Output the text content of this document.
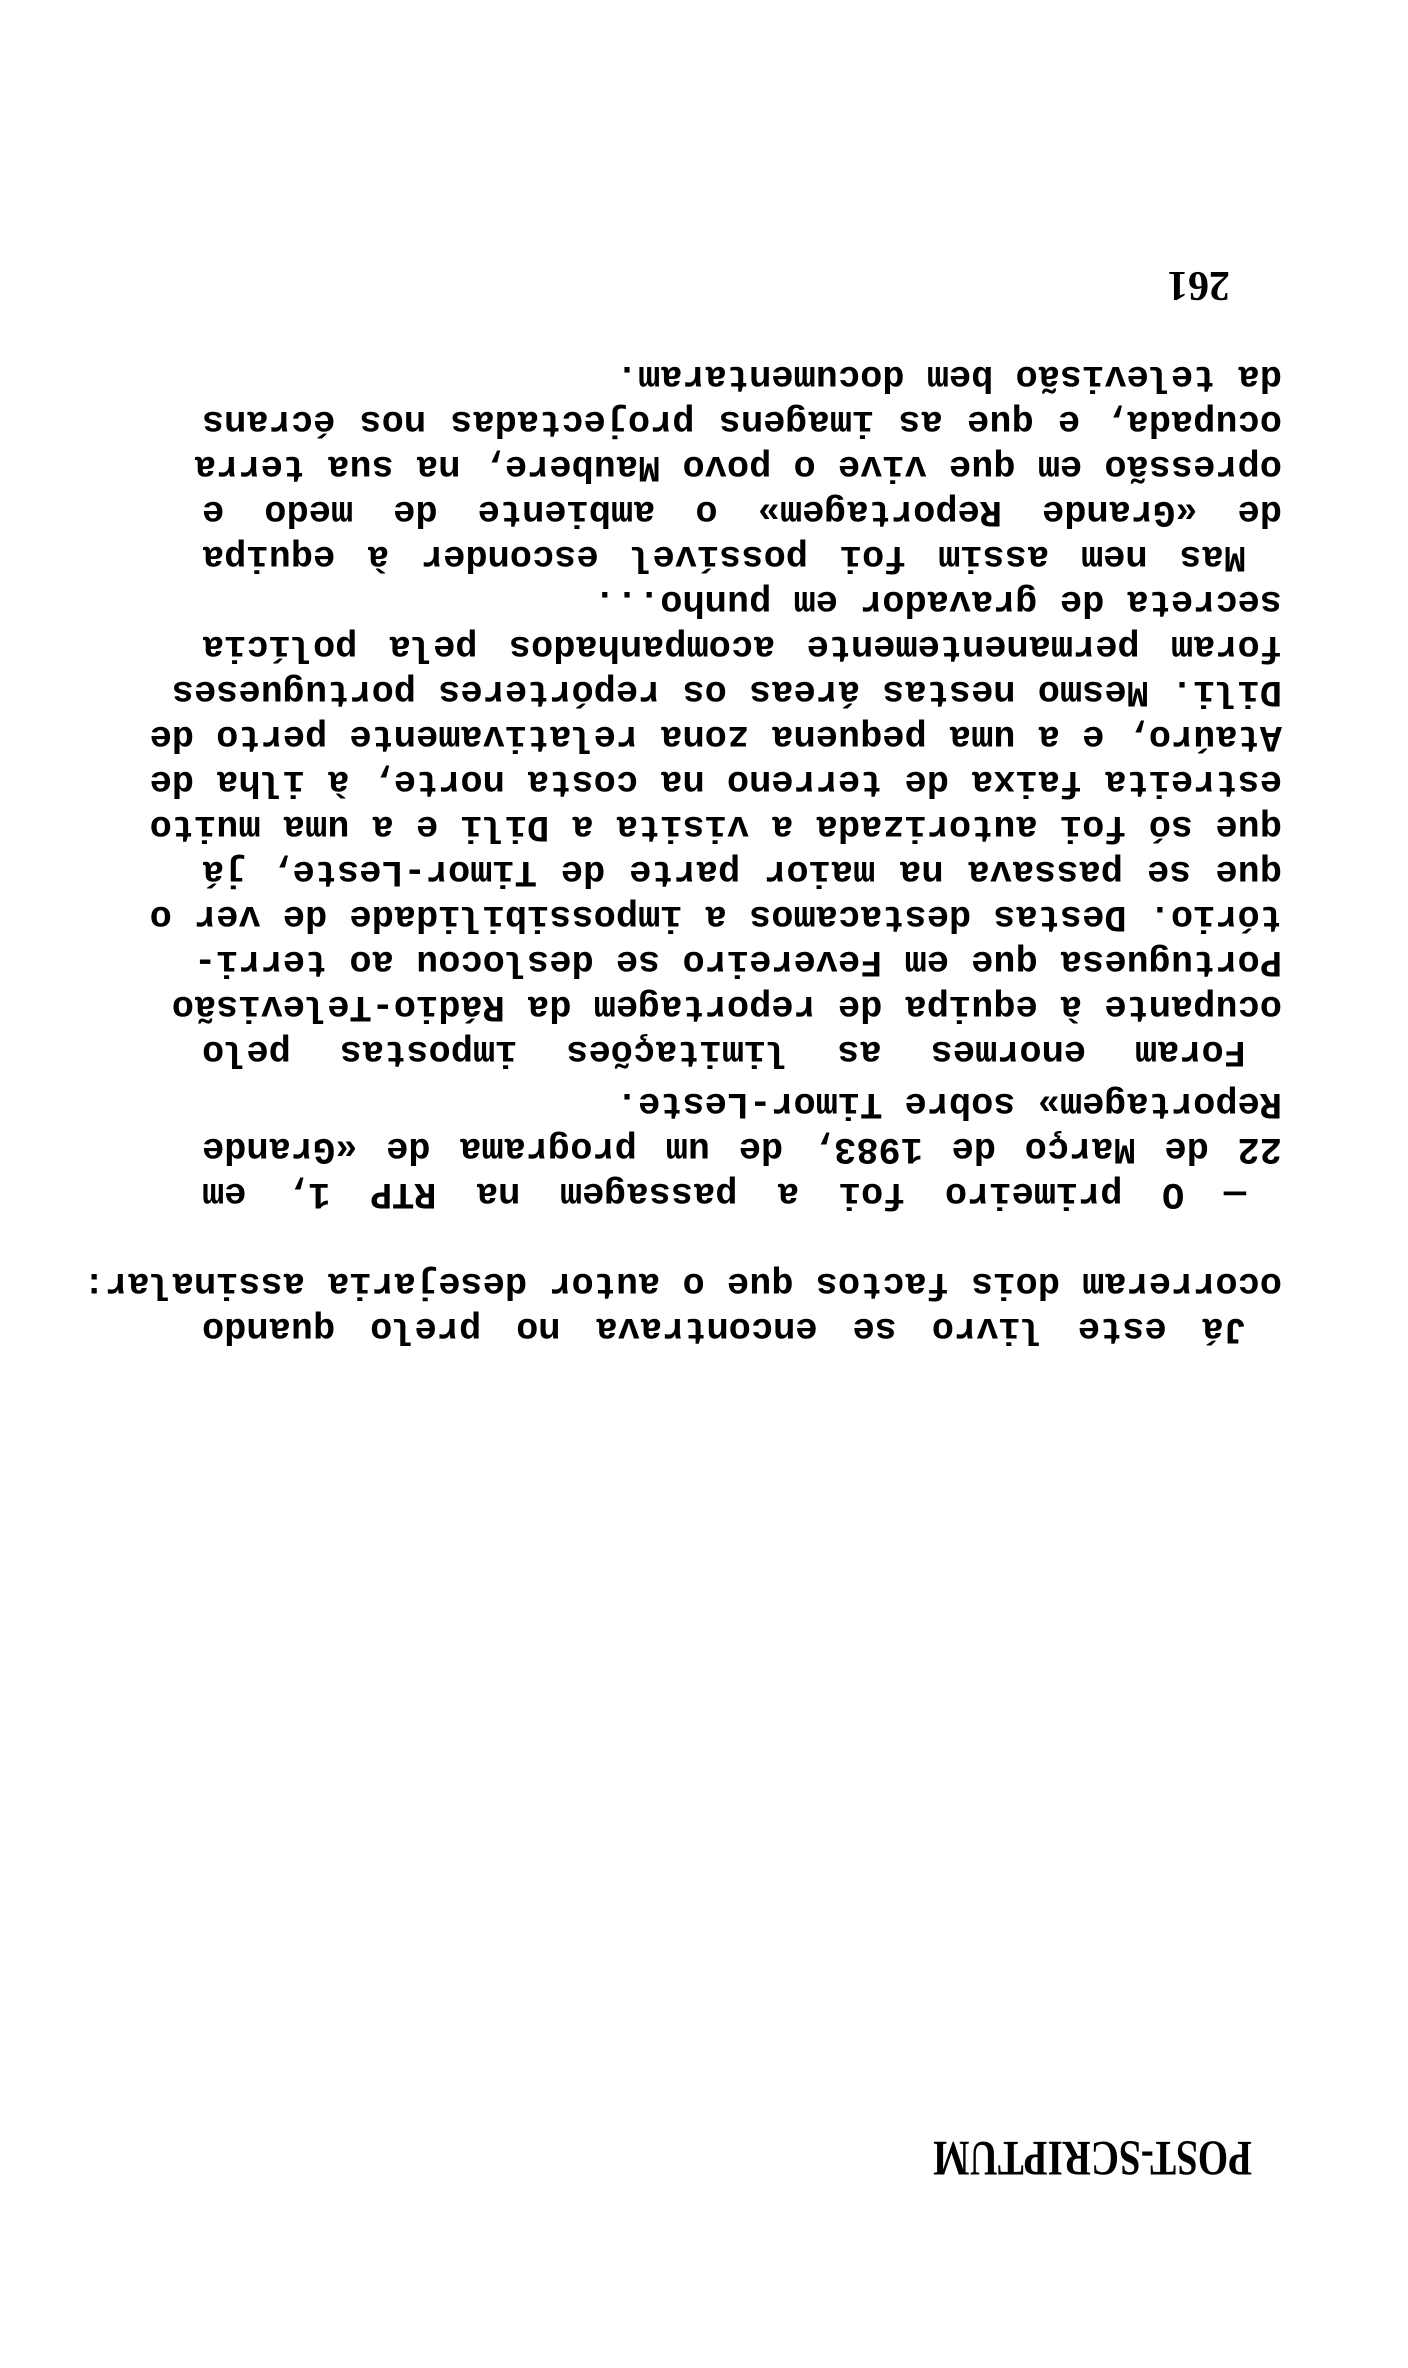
POST-SCRIPTUM
Já este livro se encontrava no prelo quando
ocorreram dois factos que o autor desejaria assinalar:
— O primeiro foi a passagem na RTP 1, em
22 de Março de 1983, de um programa de «Grande
Reportagem» sobre Timor-Leste.
Foram enormes as limitações impostas pelo
ocupante à equipa de reportagem da Rádio-Televisão
Portuguesa que em Fevereiro se deslocou ao terri-
tório. Destas destacamos a impossibilidade de ver o
que se passava na maior parte de Timor-Leste, já
que só foi autorizada a visita a Dili e a uma muito
estreita faixa de terreno na costa norte, à ilha de
Ataúro, e a uma pequena zona relativamente perto de
Dili. Mesmo nestas áreas os repórteres portugueses
foram permanentemente acompanhados pela polícia
secreta de gravador em punho...
Mas nem assim foi possível esconder à equipa
de «Grande Reportagem» o ambiente de medo e
opressão em que vive o povo Maubere, na sua terra
ocupada, e que as imagens projectadas nos écrans
da televisão bem documentaram.
261
